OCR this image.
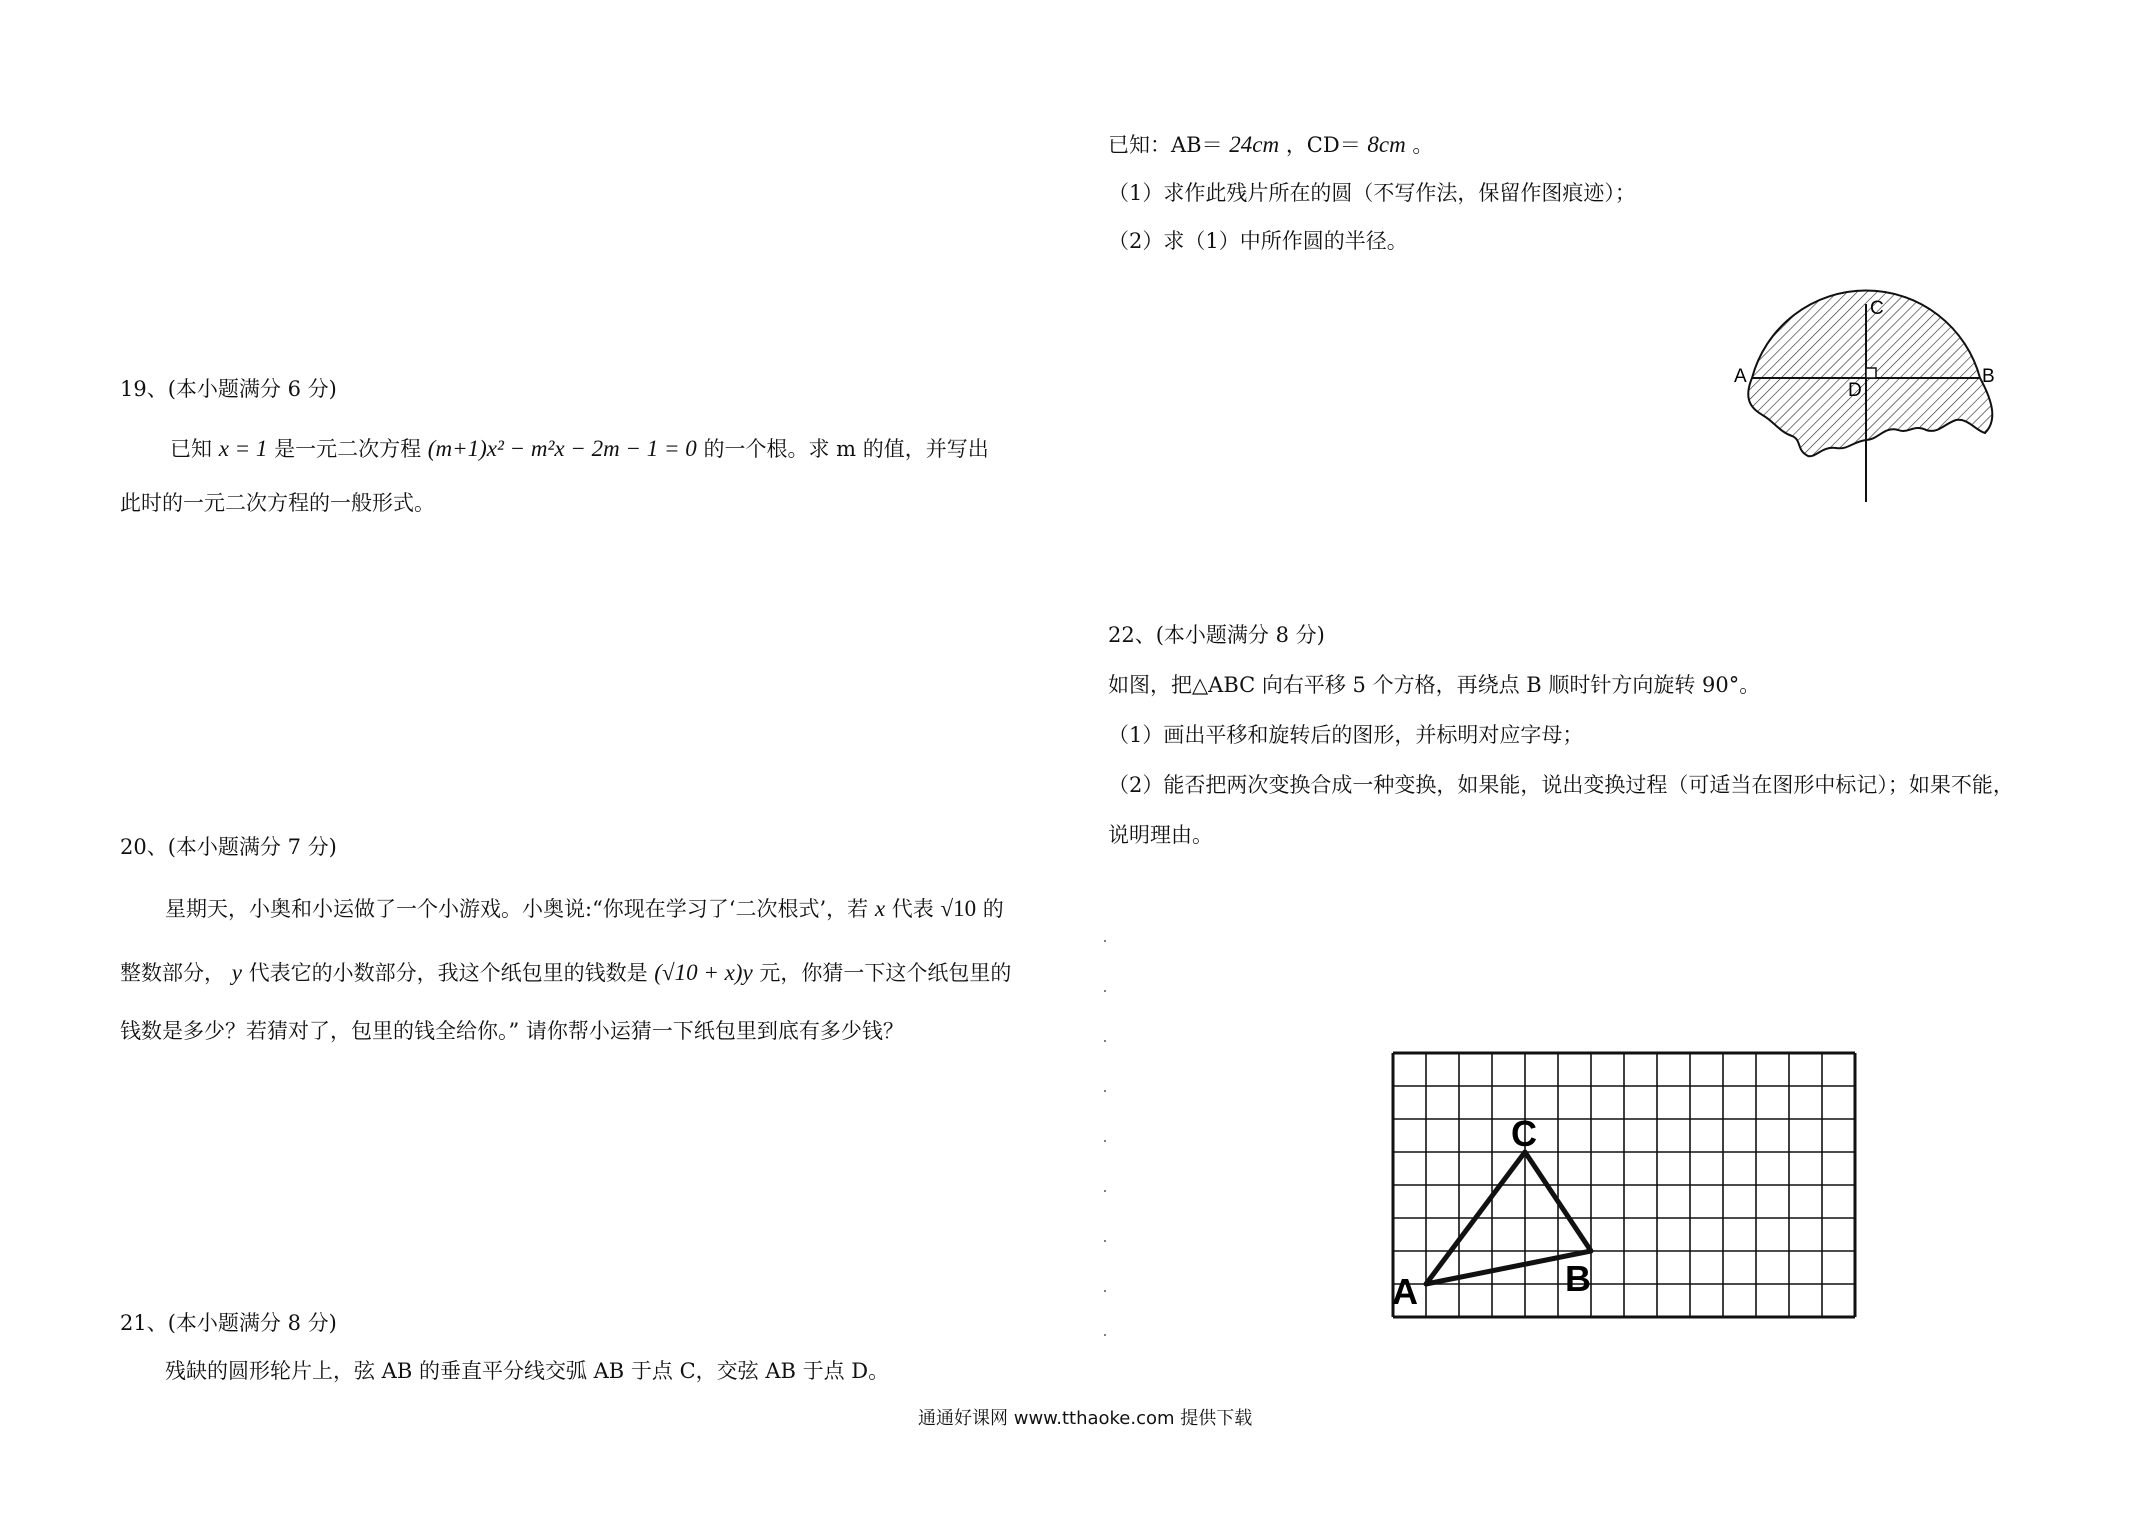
19、(本小题满分 6 分)
已知 x = 1 是一元二次方程 (m+1)x² − m²x − 2m − 1 = 0 的一个根。求 m 的值，并写出
此时的一元二次方程的一般形式。
20、(本小题满分 7 分)
星期天，小奥和小运做了一个小游戏。小奥说:“你现在学习了‘二次根式’，若 x 代表 √10 的
整数部分， y 代表它的小数部分，我这个纸包里的钱数是 (√10 + x)y 元，你猜一下这个纸包里的
钱数是多少？若猜对了，包里的钱全给你。” 请你帮小运猜一下纸包里到底有多少钱？
21、(本小题满分 8 分)
残缺的圆形轮片上，弦 AB 的垂直平分线交弧 AB 于点 C，交弦 AB 于点 D。
已知：AB＝ 24cm ，CD＝ 8cm 。
（1）求作此残片所在的圆（不写作法，保留作图痕迹）；
（2）求（1）中所作圆的半径。
A	B
C
D
22、(本小题满分 8 分)
如图，把△ABC 向右平移 5 个方格，再绕点 B 顺时针方向旋转 90°。
（1）画出平移和旋转后的图形，并标明对应字母；
（2）能否把两次变换合成一种变换，如果能，说出变换过程（可适当在图形中标记）；如果不能，
说明理由。
A	B
C
通通好课网 www.tthaoke.com 提供下载
